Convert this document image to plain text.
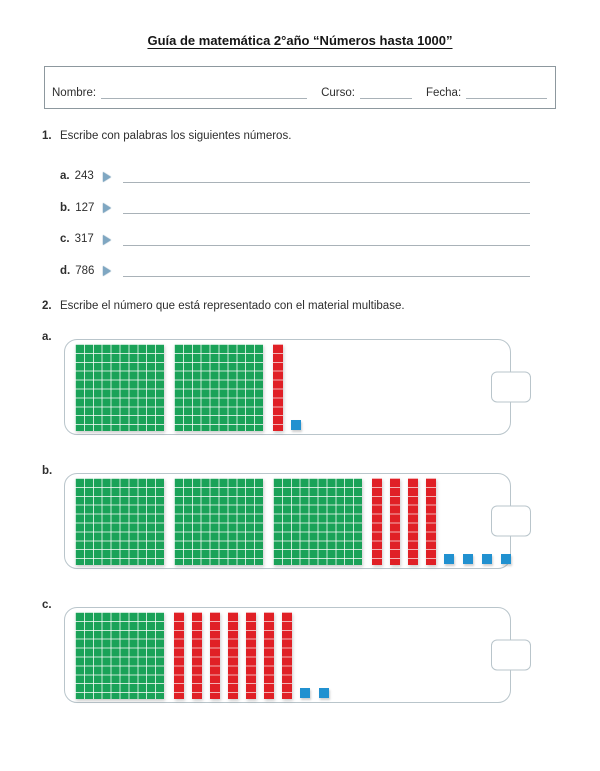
Guía de matemática 2°año “Números hasta 1000”
Nombre:	Curso:	Fecha:
1. Escribe con palabras los siguientes números.
a. 243
b. 127
c. 317
d. 786
2. Escribe el número que está representado con el material multibase.
a.
b.
c.
